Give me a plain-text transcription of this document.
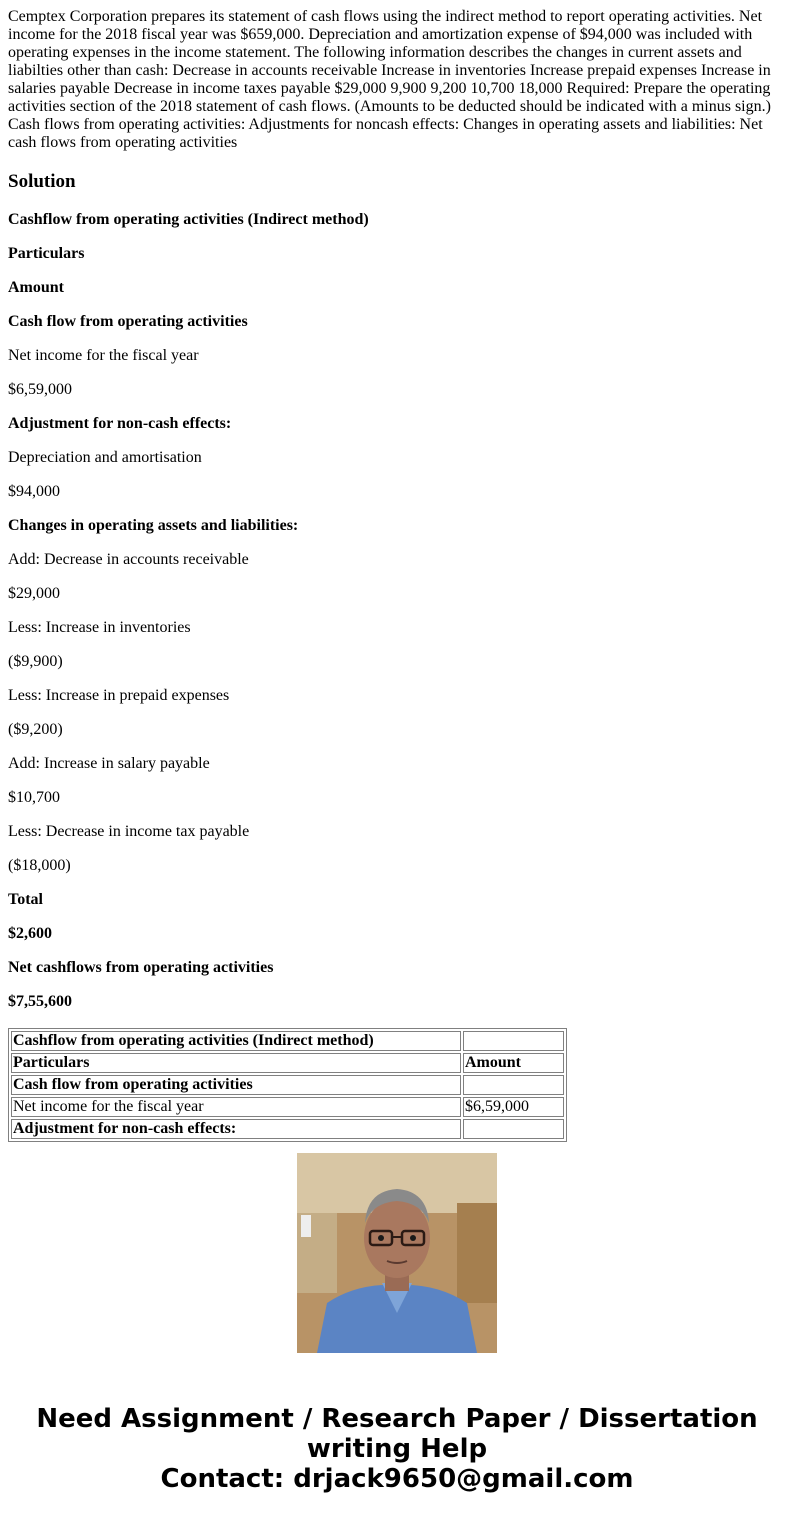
Cemptex Corporation prepares its statement of cash flows using the indirect method to report operating activities. Net income for the 2018 fiscal year was $659,000. Depreciation and amortization expense of $94,000 was included with operating expenses in the income statement. The following information describes the changes in current assets and liabilties other than cash: Decrease in accounts receivable Increase in inventories Increase prepaid expenses Increase in salaries payable Decrease in income taxes payable $29,000 9,900 9,200 10,700 18,000 Required: Prepare the operating activities section of the 2018 statement of cash flows. (Amounts to be deducted should be indicated with a minus sign.) Cash flows from operating activities: Adjustments for noncash effects: Changes in operating assets and liabilities: Net cash flows from operating activities
Solution

Cashflow from operating activities (Indirect method)

Particulars

Amount

Cash flow from operating activities

Net income for the fiscal year

$6,59,000

Adjustment for non-cash effects:

Depreciation and amortisation

$94,000

Changes in operating assets and liabilities:

Add: Decrease in accounts receivable

$29,000

Less: Increase in inventories

($9,900)

Less: Increase in prepaid expenses

($9,200)

Add: Increase in salary payable

$10,700

Less: Decrease in income tax payable

($18,000)

Total

$2,600

Net cashflows from operating activities

$7,55,600

Cashflow from operating activities (Indirect method)	
Particulars	Amount
Cash flow from operating activities	
Net income for the fiscal year	$6,59,000
Adjustment for non-cash effects:	
Need Assignment / Research Paper / Dissertation
writing Help
Contact: drjack9650@gmail.com
